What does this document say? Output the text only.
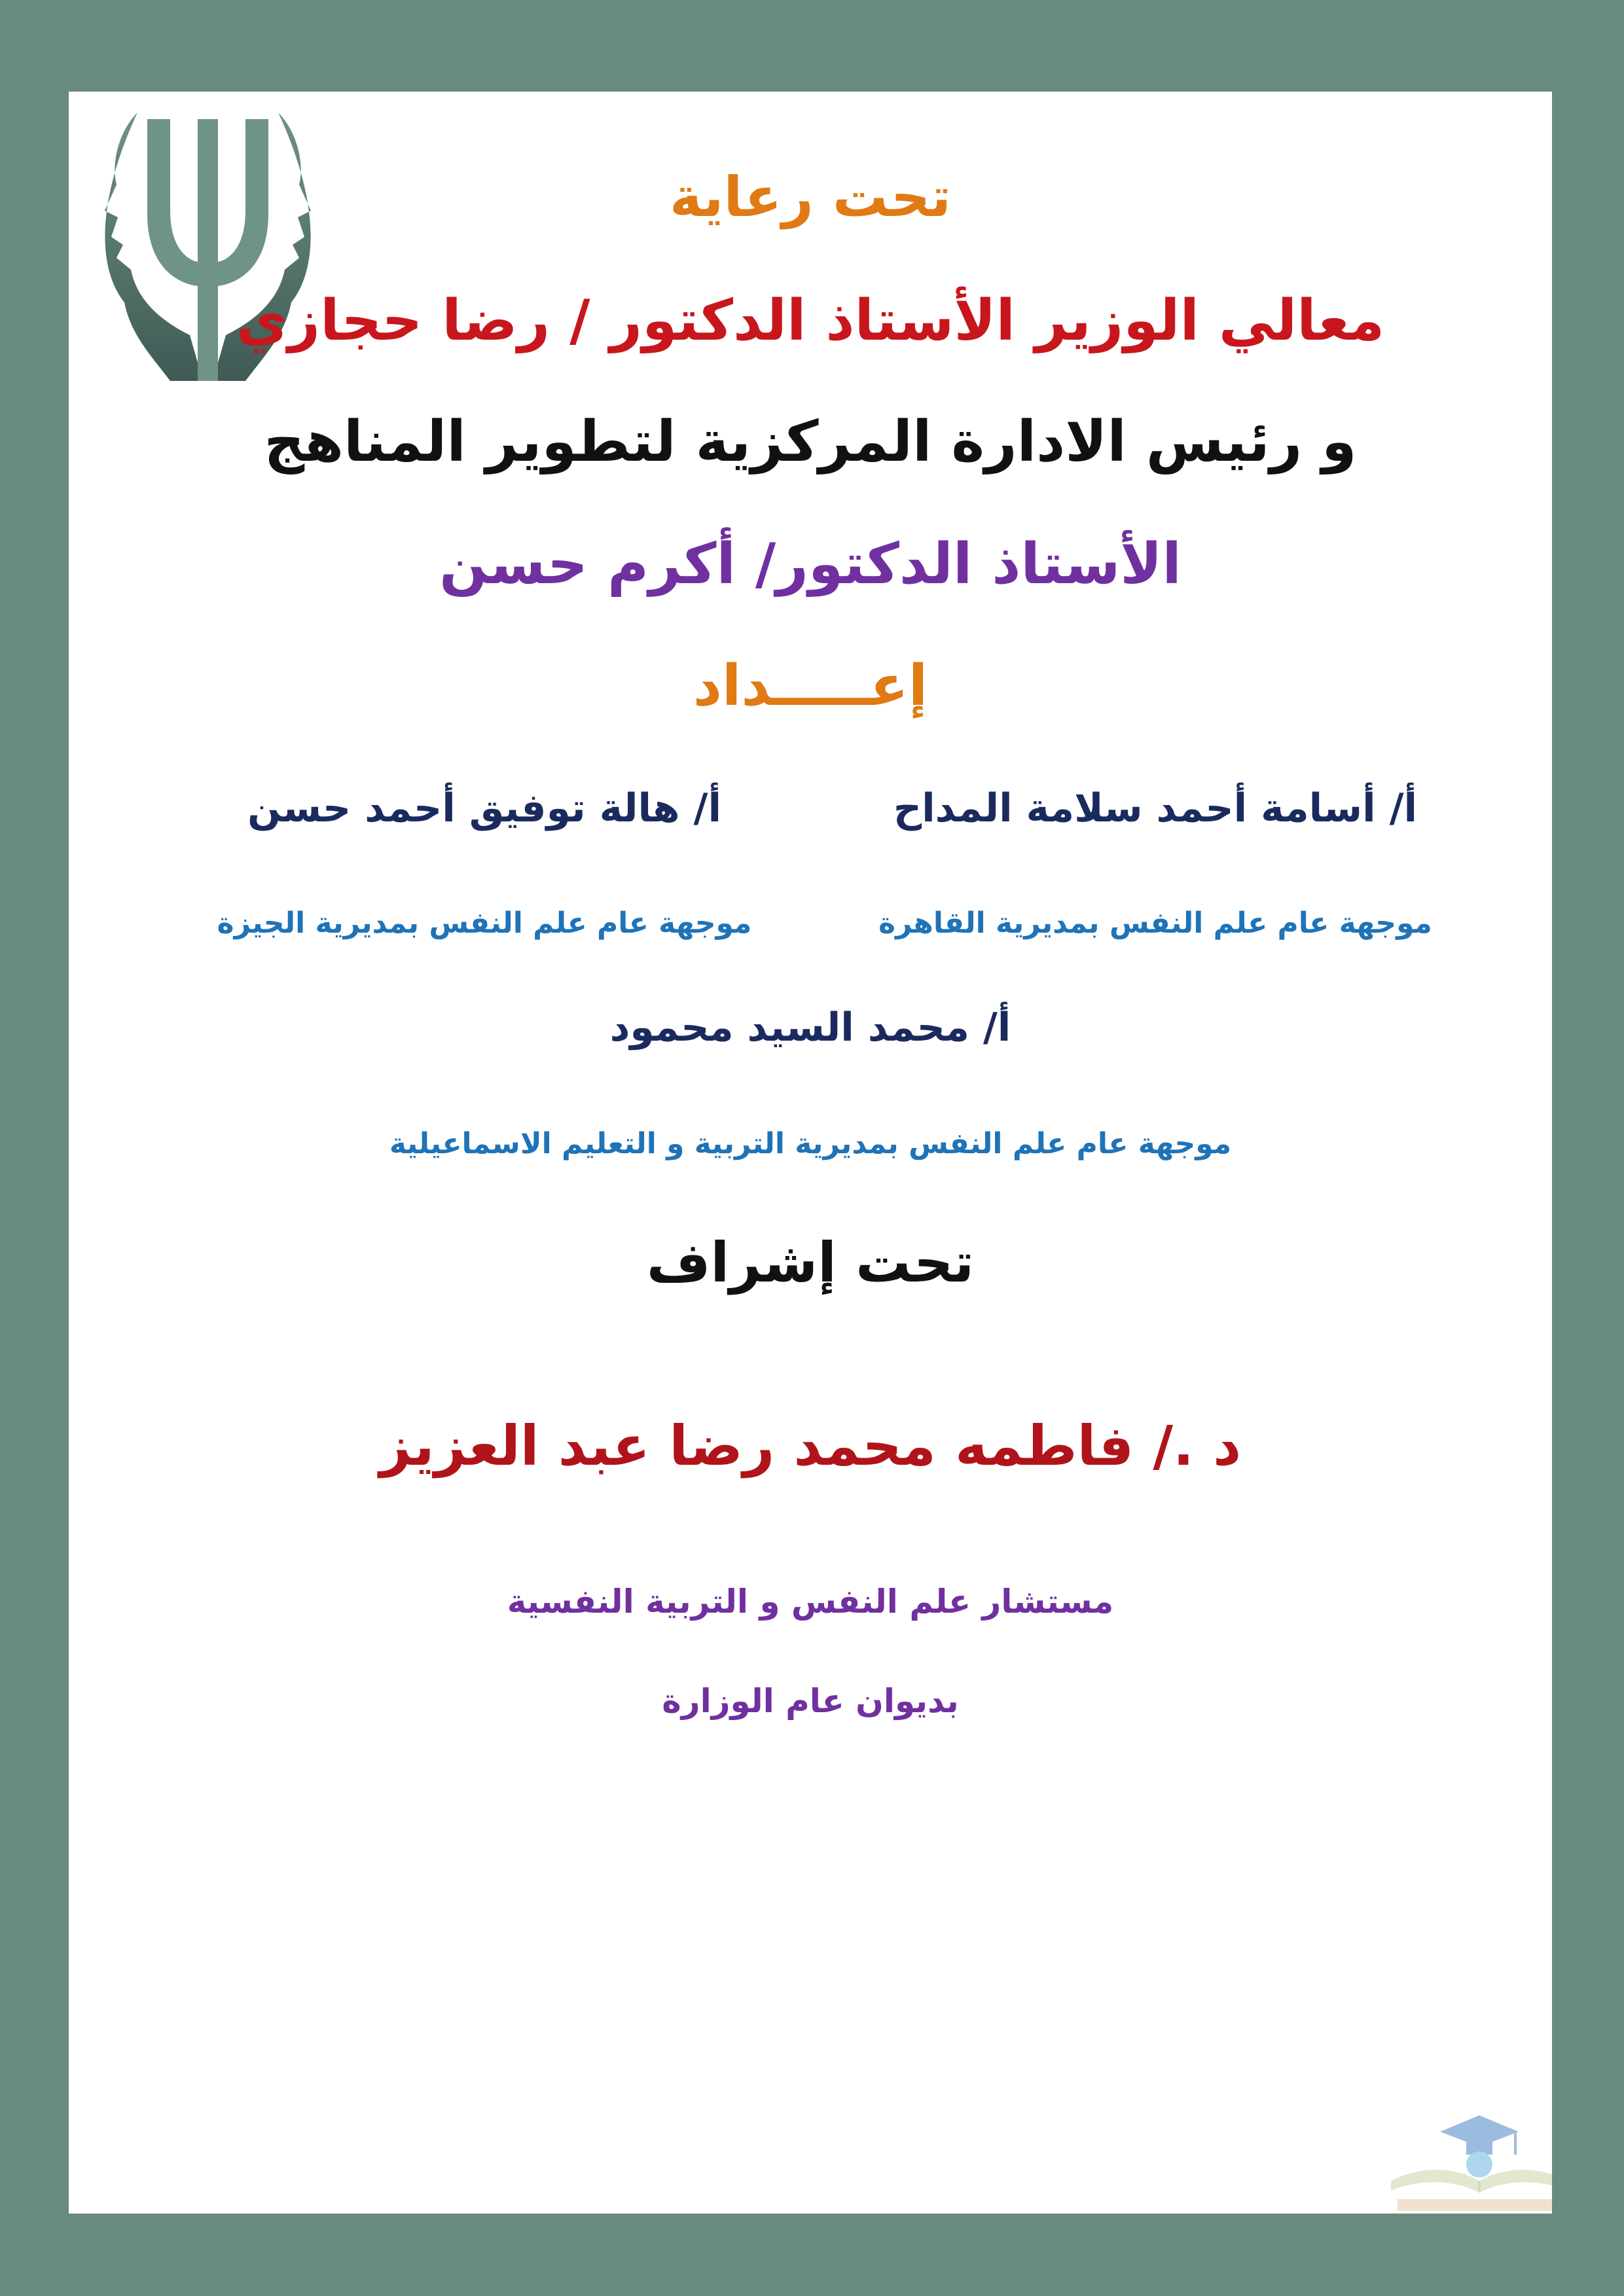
تحت رعاية
معالي الوزير الأستاذ الدكتور / رضا حجازي
و رئيس الادارة المركزية لتطوير المناهج
الأستاذ الدكتور/ أكرم حسن
إعـــــداد
أ/ أسامة أحمد سلامة المداح
موجهة عام علم النفس بمديرية القاهرة
أ/ هالة توفيق أحمد حسن
موجهة عام علم النفس بمديرية الجيزة
أ/ محمد السيد محمود
موجهة عام علم النفس بمديرية التربية و التعليم الاسماعيلية
تحت إشراف
د ./ فاطمه محمد رضا عبد العزيز
مستشار علم النفس و التربية النفسية
بديوان عام الوزارة
